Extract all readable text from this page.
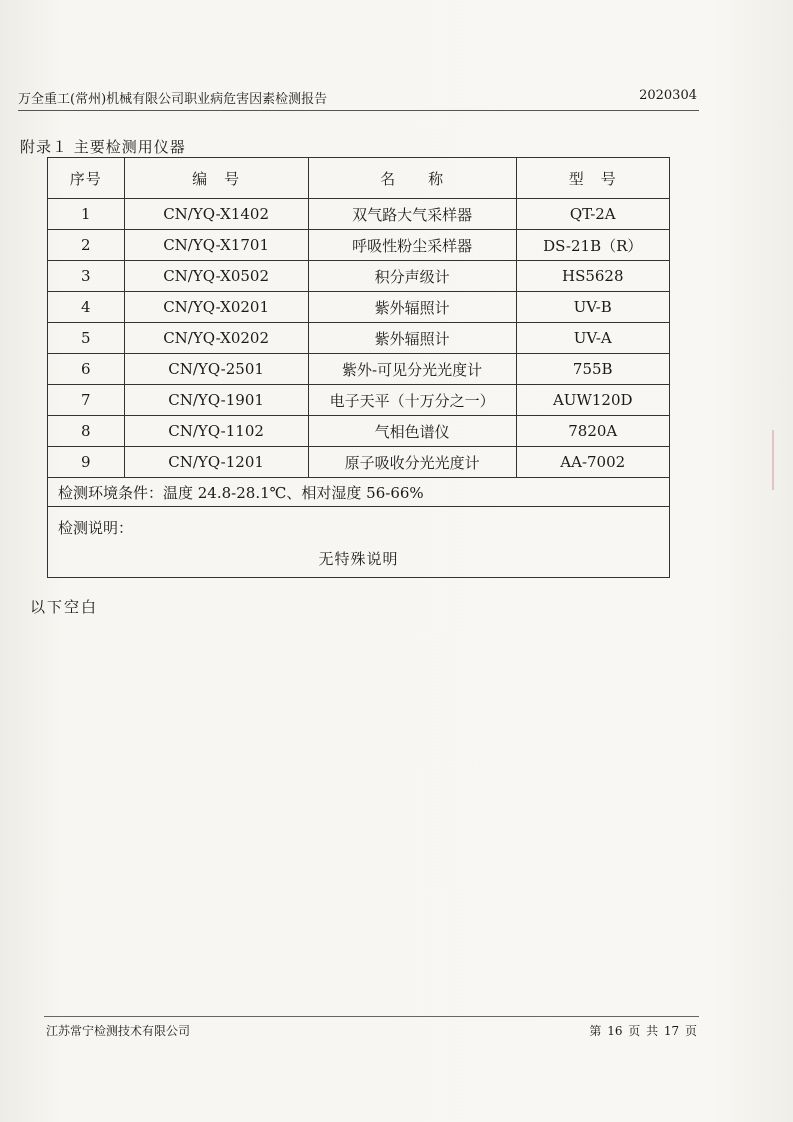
万全重工(常州)机械有限公司职业病危害因素检测报告	2020304
附录１ 主要检测用仪器
序号	编　号	名　　称	型　号
1	CN/YQ-X1402	双气路大气采样器	QT-2A
2	CN/YQ-X1701	呼吸性粉尘采样器	DS-21B（R）
3	CN/YQ-X0502	积分声级计	HS5628
4	CN/YQ-X0201	紫外辐照计	UV-B
5	CN/YQ-X0202	紫外辐照计	UV-A
6	CN/YQ-2501	紫外-可见分光光度计	755B
7	CN/YQ-1901	电子天平（十万分之一）	AUW120D
8	CN/YQ-1102	气相色谱仪	7820A
9	CN/YQ-1201	原子吸收分光光度计	AA-7002
检测环境条件：温度 24.8-28.1℃、相对湿度 56-66%			

检测说明：
无特殊说明			
以下空白
江苏常宁检测技术有限公司	第 16 页 共 17 页
